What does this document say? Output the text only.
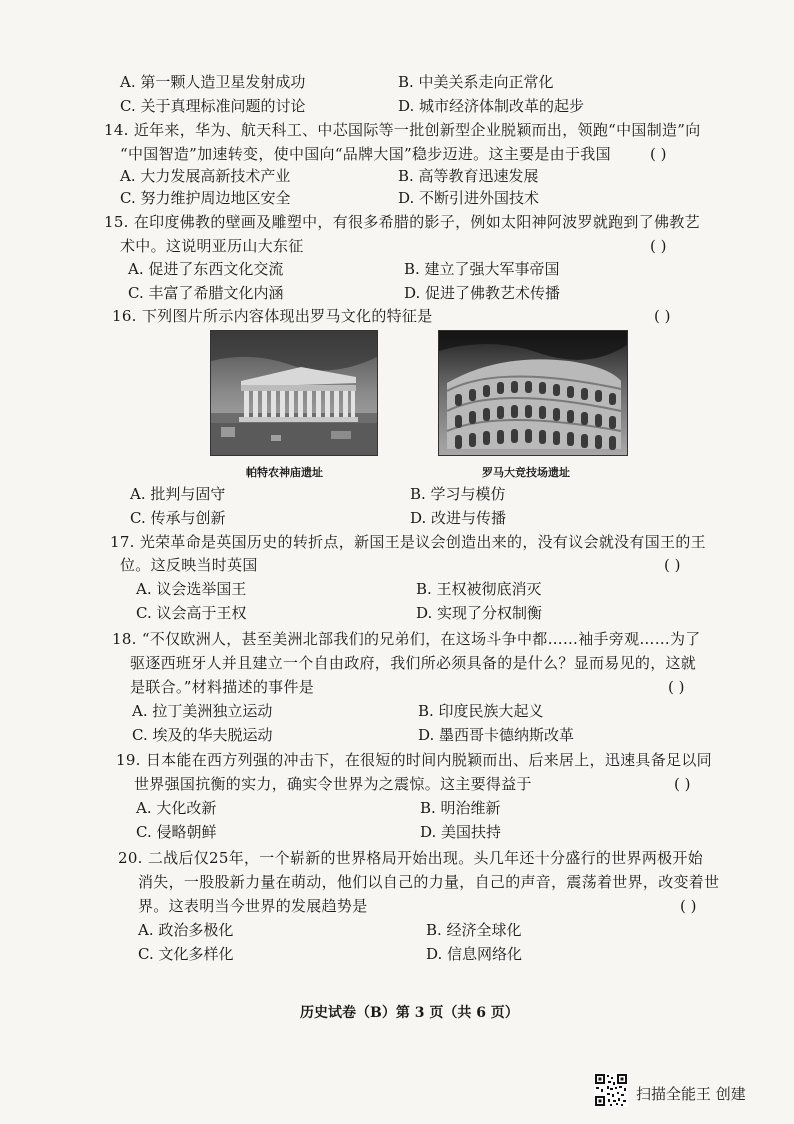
A. 第一颗人造卫星发射成功	B. 中美关系走向正常化
C. 关于真理标准问题的讨论	D. 城市经济体制改革的起步
14. 近年来，华为、航天科工、中芯国际等一批创新型企业脱颖而出，领跑“中国制造”向
“中国智造”加速转变，使中国向“品牌大国”稳步迈进。这主要是由于我国	( )
A. 大力发展高新技术产业	B. 高等教育迅速发展
C. 努力维护周边地区安全	D. 不断引进外国技术
15. 在印度佛教的壁画及雕塑中，有很多希腊的影子，例如太阳神阿波罗就跑到了佛教艺
术中。这说明亚历山大东征	( )
A. 促进了东西文化交流	B. 建立了强大军事帝国
C. 丰富了希腊文化内涵	D. 促进了佛教艺术传播
16. 下列图片所示内容体现出罗马文化的特征是	( )
帕特农神庙遗址	罗马大竞技场遗址
A. 批判与固守	B. 学习与模仿
C. 传承与创新	D. 改进与传播
17. 光荣革命是英国历史的转折点，新国王是议会创造出来的，没有议会就没有国王的王
位。这反映当时英国	( )
A. 议会选举国王	B. 王权被彻底消灭
C. 议会高于王权	D. 实现了分权制衡
18. “不仅欧洲人，甚至美洲北部我们的兄弟们，在这场斗争中都……袖手旁观……为了
驱逐西班牙人并且建立一个自由政府，我们所必须具备的是什么？显而易见的，这就
是联合。”材料描述的事件是	( )
A. 拉丁美洲独立运动	B. 印度民族大起义
C. 埃及的华夫脱运动	D. 墨西哥卡德纳斯改革
19. 日本能在西方列强的冲击下，在很短的时间内脱颖而出、后来居上，迅速具备足以同
世界强国抗衡的实力，确实令世界为之震惊。这主要得益于	( )
A. 大化改新	B. 明治维新
C. 侵略朝鲜	D. 美国扶持
20. 二战后仅25年，一个崭新的世界格局开始出现。头几年还十分盛行的世界两极开始
消失，一股股新力量在萌动，他们以自己的力量，自己的声音，震荡着世界，改变着世
界。这表明当今世界的发展趋势是	( )
A. 政治多极化	B. 经济全球化
C. 文化多样化	D. 信息网络化
历史试卷（B）第 3 页（共 6 页）
扫描全能王 创建
